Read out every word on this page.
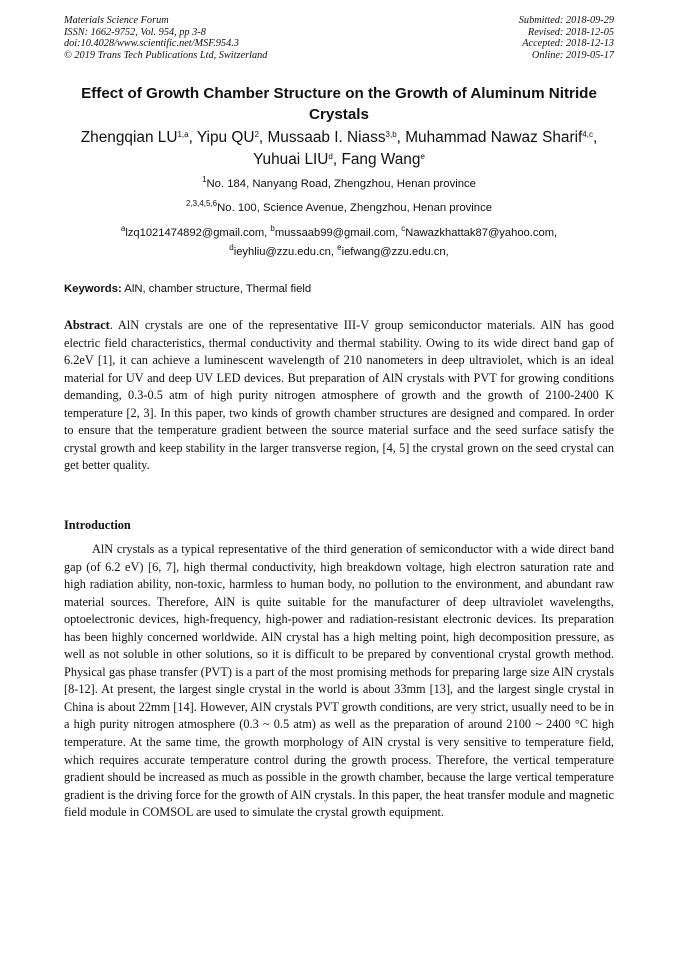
Materials Science Forum
ISSN: 1662-9752, Vol. 954, pp 3-8
doi:10.4028/www.scientific.net/MSF.954.3
© 2019 Trans Tech Publications Ltd, Switzerland
Submitted: 2018-09-29
Revised: 2018-12-05
Accepted: 2018-12-13
Online: 2019-05-17
Effect of Growth Chamber Structure on the Growth of Aluminum Nitride Crystals
Zhengqian LU$^{1,a}$, Yipu $QU^2$, Mussaab I. Niass$^{3,b}$, Muhammad Nawaz Sharif$^{4,c}$,
Yuhuai LIU$^d$, Fang Wang$^e$
$^1$No. 184, Nanyang Road, Zhengzhou, Henan province
$^{2,3,4,5,6}$No. 100, Science Avenue, Zhengzhou, Henan province
$^a$lzq1021474892@gmail.com, $^b$mussaab99@gmail.com, $^c$Nawazkhattak87@yahoo.com,
$^d$ieyhliu@zzu.edu.cn, $^e$iefwang@zzu.edu.cn,
Keywords: AlN, chamber structure, Thermal field
Abstract. AlN crystals are one of the representative III-V group semiconductor materials. AlN has good electric field characteristics, thermal conductivity and thermal stability. Owing to its wide direct band gap of 6.2eV [1], it can achieve a luminescent wavelength of 210 nanometers in deep ultraviolet, which is an ideal material for UV and deep UV LED devices. But preparation of AlN crystals with PVT for growing conditions demanding, 0.3-0.5 atm of high purity nitrogen atmosphere of growth and the growth of 2100-2400 K temperature [2, 3]. In this paper, two kinds of growth chamber structures are designed and compared. In order to ensure that the temperature gradient between the source material surface and the seed surface satisfy the crystal growth and keep stability in the larger transverse region, [4, 5] the crystal grown on the seed crystal can get better quality.
Introduction
AlN crystals as a typical representative of the third generation of semiconductor with a wide direct band gap (of 6.2 eV) [6, 7], high thermal conductivity, high breakdown voltage, high electron saturation rate and high radiation ability, non-toxic, harmless to human body, no pollution to the environment, and abundant raw material sources. Therefore, AlN is quite suitable for the manufacturer of deep ultraviolet wavelengths, optoelectronic devices, high-frequency, high-power and radiation-resistant electronic devices. Its preparation has been highly concerned worldwide. AlN crystal has a high melting point, high decomposition pressure, as well as not soluble in other solutions, so it is difficult to be prepared by conventional crystal growth method. Physical gas phase transfer (PVT) is a part of the most promising methods for preparing large size AlN crystals [8-12]. At present, the largest single crystal in the world is about 33mm [13], and the largest single crystal in China is about 22mm [14]. However, AlN crystals PVT growth conditions, are very strict, usually need to be in a high purity nitrogen atmosphere (0.3 ~ 0.5 atm) as well as the preparation of around 2100 ~ 2400 °C high temperature. At the same time, the growth morphology of AlN crystal is very sensitive to temperature field, which requires accurate temperature control during the growth process. Therefore, the vertical temperature gradient should be increased as much as possible in the growth chamber, because the large vertical temperature gradient is the driving force for the growth of AlN crystals. In this paper, the heat transfer module and magnetic field module in COMSOL are used to simulate the crystal growth equipment.
